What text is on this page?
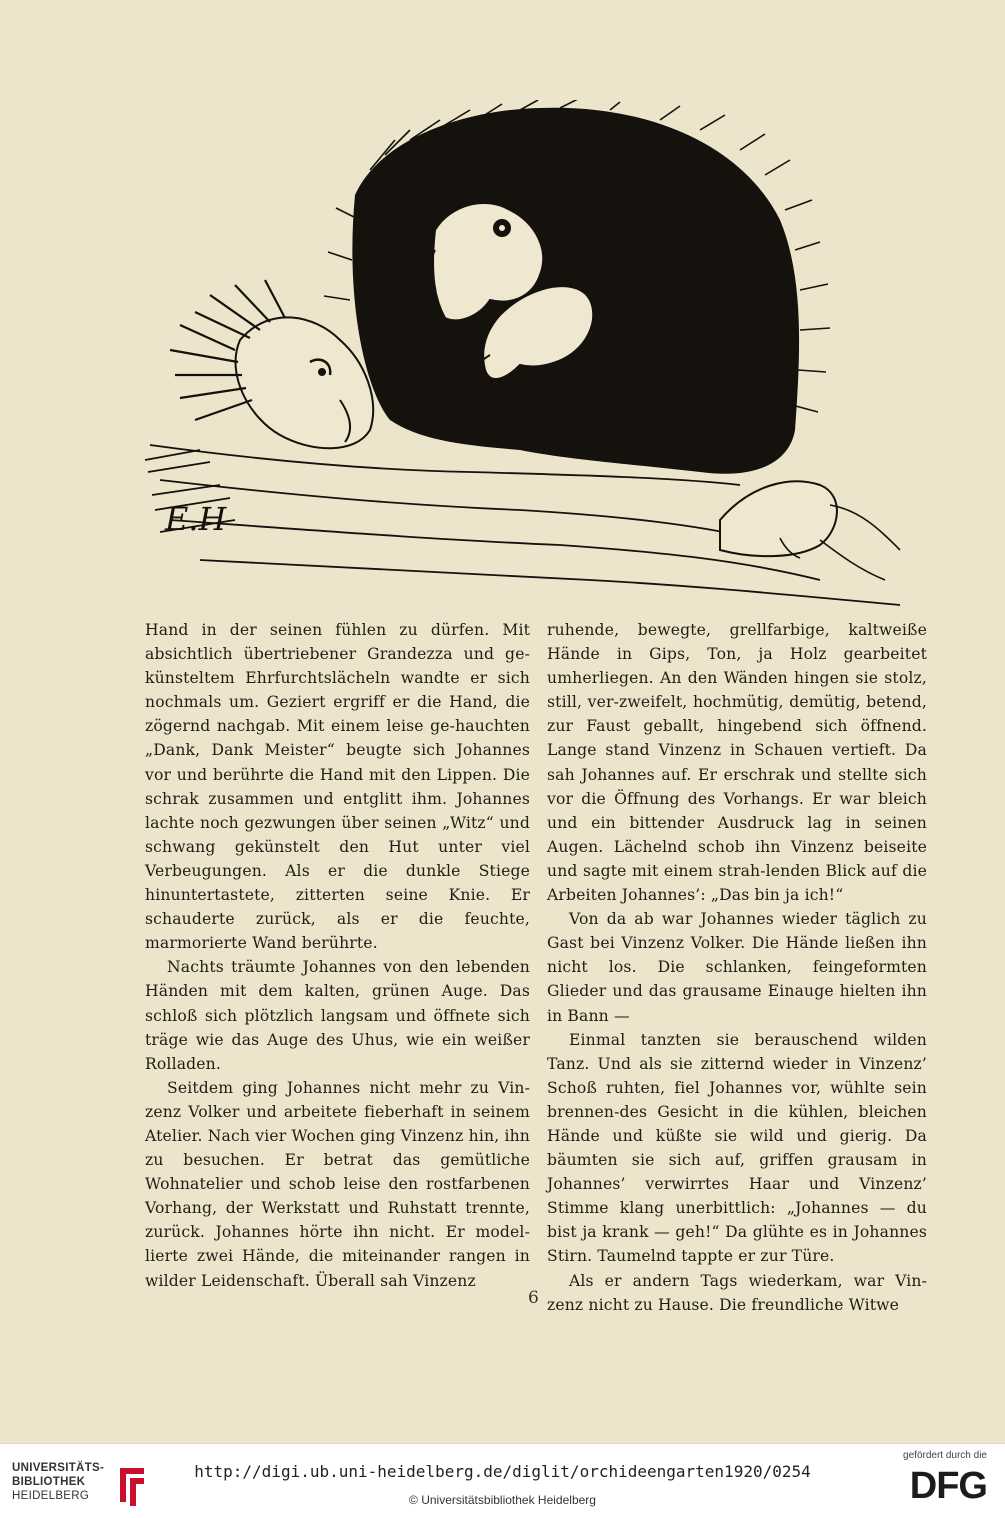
E.H

Hand in der seinen fühlen zu dürfen. Mit absichtlich übertriebener Grandezza und ge-künsteltem Ehrfurchtslächeln wandte er sich nochmals um. Geziert ergriff er die Hand, die zögernd nachgab. Mit einem leise ge-hauchten „Dank, Dank Meister“ beugte sich Johannes vor und berührte die Hand mit den Lippen. Die schrak zusammen und entglitt ihm. Johannes lachte noch gezwungen über seinen „Witz“ und schwang gekünstelt den Hut unter viel Verbeugungen. Als er die dunkle Stiege hinuntertastete, zitterten seine Knie. Er schauderte zurück, als er die feuchte, marmorierte Wand berührte.

Nachts träumte Johannes von den lebenden Händen mit dem kalten, grünen Auge. Das schloß sich plötzlich langsam und öffnete sich träge wie das Auge des Uhus, wie ein weißer Rolladen.

Seitdem ging Johannes nicht mehr zu Vin-zenz Volker und arbeitete fieberhaft in seinem Atelier. Nach vier Wochen ging Vinzenz hin, ihn zu besuchen. Er betrat das gemütliche Wohnatelier und schob leise den rostfarbenen Vorhang, der Werkstatt und Ruhstatt trennte, zurück. Johannes hörte ihn nicht. Er model-lierte zwei Hände, die miteinander rangen in wilder Leidenschaft. Überall sah Vinzenz

ruhende, bewegte, grellfarbige, kaltweiße Hände in Gips, Ton, ja Holz gearbeitet umherliegen. An den Wänden hingen sie stolz, still, ver-zweifelt, hochmütig, demütig, betend, zur Faust geballt, hingebend sich öffnend. Lange stand Vinzenz in Schauen vertieft. Da sah Johannes auf. Er erschrak und stellte sich vor die Öffnung des Vorhangs. Er war bleich und ein bittender Ausdruck lag in seinen Augen. Lächelnd schob ihn Vinzenz beiseite und sagte mit einem strah-lenden Blick auf die Arbeiten Johannes’: „Das bin ja ich!“

Von da ab war Johannes wieder täglich zu Gast bei Vinzenz Volker. Die Hände ließen ihn nicht los. Die schlanken, feingeformten Glieder und das grausame Einauge hielten ihn in Bann —

Einmal tanzten sie berauschend wilden Tanz. Und als sie zitternd wieder in Vinzenz’ Schoß ruhten, fiel Johannes vor, wühlte sein brennen-des Gesicht in die kühlen, bleichen Hände und küßte sie wild und gierig. Da bäumten sie sich auf, griffen grausam in Johannes’ verwirrtes Haar und Vinzenz’ Stimme klang unerbittlich: „Johannes — du bist ja krank — geh!“ Da glühte es in Johannes Stirn. Taumelnd tappte er zur Türe.

Als er andern Tags wiederkam, war Vin-zenz nicht zu Hause. Die freundliche Witwe

6
UNIVERSITÄTS-
BIBLIOTHEK
HEIDELBERG
http://digi.ub.uni-heidelberg.de/diglit/orchideengarten1920/0254
© Universitätsbibliothek Heidelberg
gefördert durch die
DFG
